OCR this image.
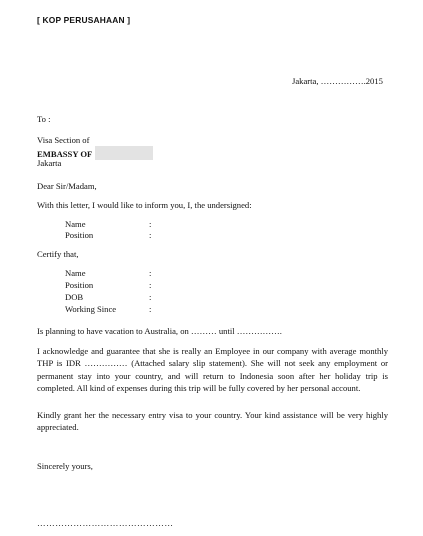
[ KOP PERUSAHAAN ]
Jakarta, …………….2015
To :
Visa Section of
EMBASSY OF
Jakarta
Dear Sir/Madam,
With this letter, I would like to inform you, I, the undersigned:
Name	:
Position	:
Certify that,
Name	:
Position	:
DOB	:
Working Since	:
Is planning to have vacation to Australia, on ……… until …………….
I acknowledge and guarantee that she is really an Employee in our company with average monthly THP is IDR …………… (Attached salary slip statement). She will not seek any employment or permanent stay into your country, and will return to Indonesia soon after her holiday trip is completed. All kind of expenses during this trip will be fully covered by her personal account.
Kindly grant her the necessary entry visa to your country. Your kind assistance will be very highly appreciated.
Sincerely yours,
………………………………………
